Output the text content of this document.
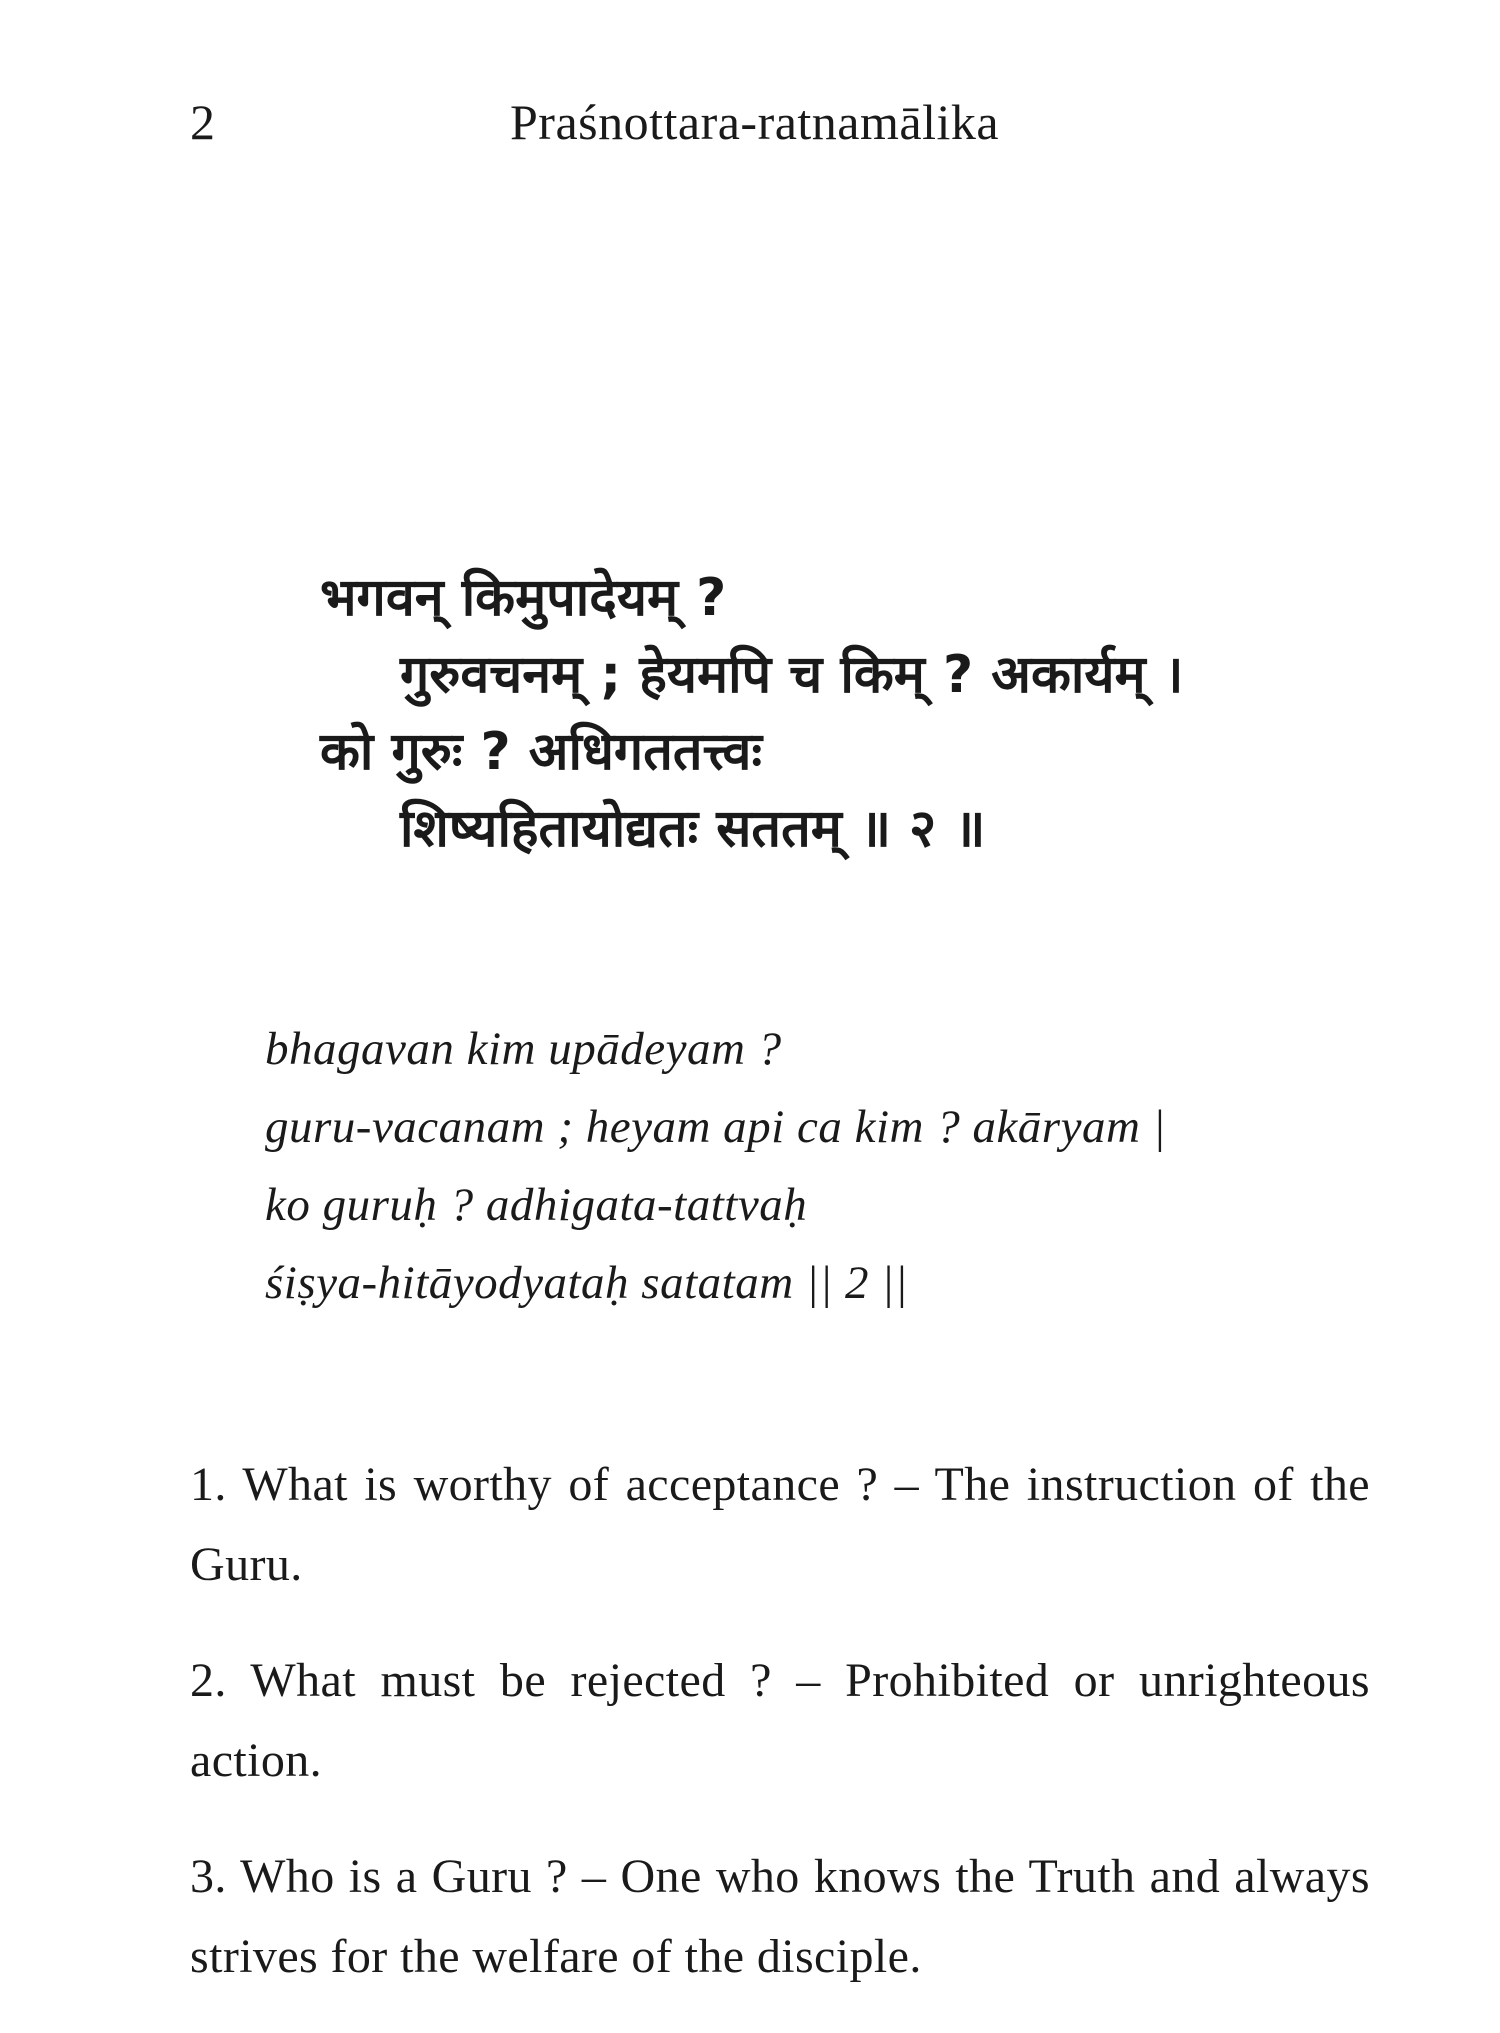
2	Praśnottara-ratnamālika
भगवन् किमुपादेयम् ?
गुरुवचनम् ; हेयमपि च किम् ? अकार्यम् ।
को गुरुः ? अधिगततत्त्वः
शिष्यहितायोद्यतः सततम् ॥ २ ॥
bhagavan kim upādeyam ?
guru-vacanam ; heyam api ca kim ? akāryam |
ko guruḥ ? adhigata-tattvaḥ
śiṣya-hitāyodyataḥ satatam || 2 ||

1. What is worthy of acceptance ? – The instruction of the Guru.

2. What must be rejected ? – Prohibited or unrighteous action.

3. Who is a Guru ? – One who knows the Truth and always strives for the welfare of the disciple.
